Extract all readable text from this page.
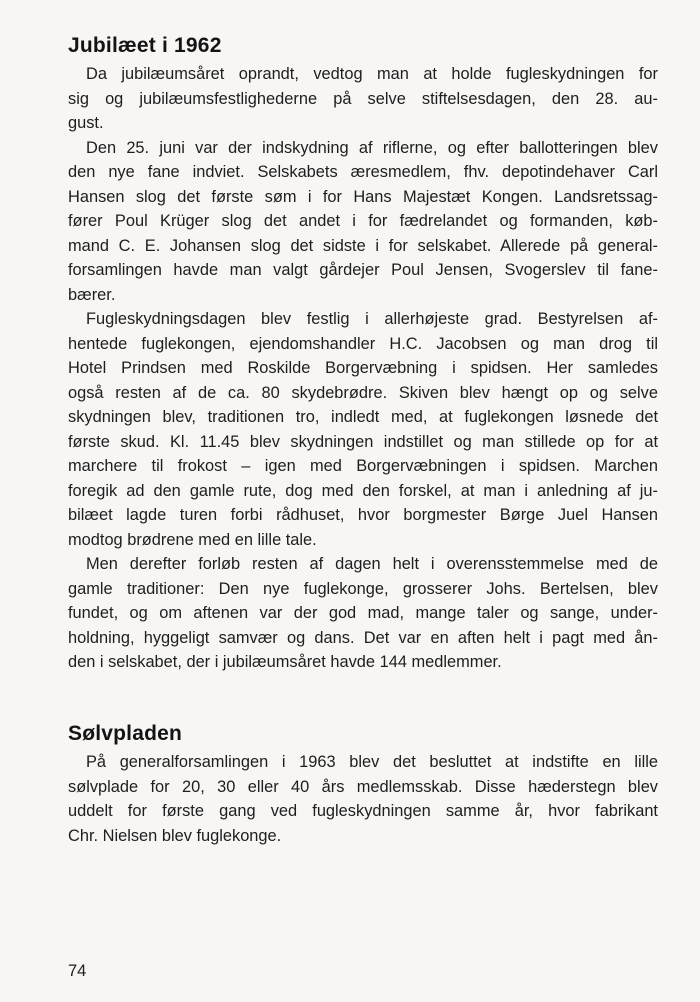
Jubilæet i 1962

Da jubilæumsåret oprandt, vedtog man at holde fugleskydningen for
sig og jubilæumsfestlighederne på selve stiftelsesdagen, den 28. au-
gust.

Den 25. juni var der indskydning af riflerne, og efter ballotteringen blev
den nye fane indviet. Selskabets æresmedlem, fhv. depotindehaver Carl
Hansen slog det første søm i for Hans Majestæt Kongen. Landsretssag-
fører Poul Krüger slog det andet i for fædrelandet og formanden, køb-
mand C. E. Johansen slog det sidste i for selskabet. Allerede på general-
forsamlingen havde man valgt gårdejer Poul Jensen, Svogerslev til fane-
bærer.

Fugleskydningsdagen blev festlig i allerhøjeste grad. Bestyrelsen af-
hentede fuglekongen, ejendomshandler H.C. Jacobsen og man drog til
Hotel Prindsen med Roskilde Borgervæbning i spidsen. Her samledes
også resten af de ca. 80 skydebrødre. Skiven blev hængt op og selve
skydningen blev, traditionen tro, indledt med, at fuglekongen løsnede det
første skud. Kl. 11.45 blev skydningen indstillet og man stillede op for at
marchere til frokost – igen med Borgervæbningen i spidsen. Marchen
foregik ad den gamle rute, dog med den forskel, at man i anledning af ju-
bilæet lagde turen forbi rådhuset, hvor borgmester Børge Juel Hansen
modtog brødrene med en lille tale.

Men derefter forløb resten af dagen helt i overensstemmelse med de
gamle traditioner: Den nye fuglekonge, grosserer Johs. Bertelsen, blev
fundet, og om aftenen var der god mad, mange taler og sange, under-
holdning, hyggeligt samvær og dans. Det var en aften helt i pagt med ån-
den i selskabet, der i jubilæumsåret havde 144 medlemmer.

Sølvpladen

På generalforsamlingen i 1963 blev det besluttet at indstifte en lille
sølvplade for 20, 30 eller 40 års medlemsskab. Disse hæderstegn blev
uddelt for første gang ved fugleskydningen samme år, hvor fabrikant
Chr. Nielsen blev fuglekonge.

74
